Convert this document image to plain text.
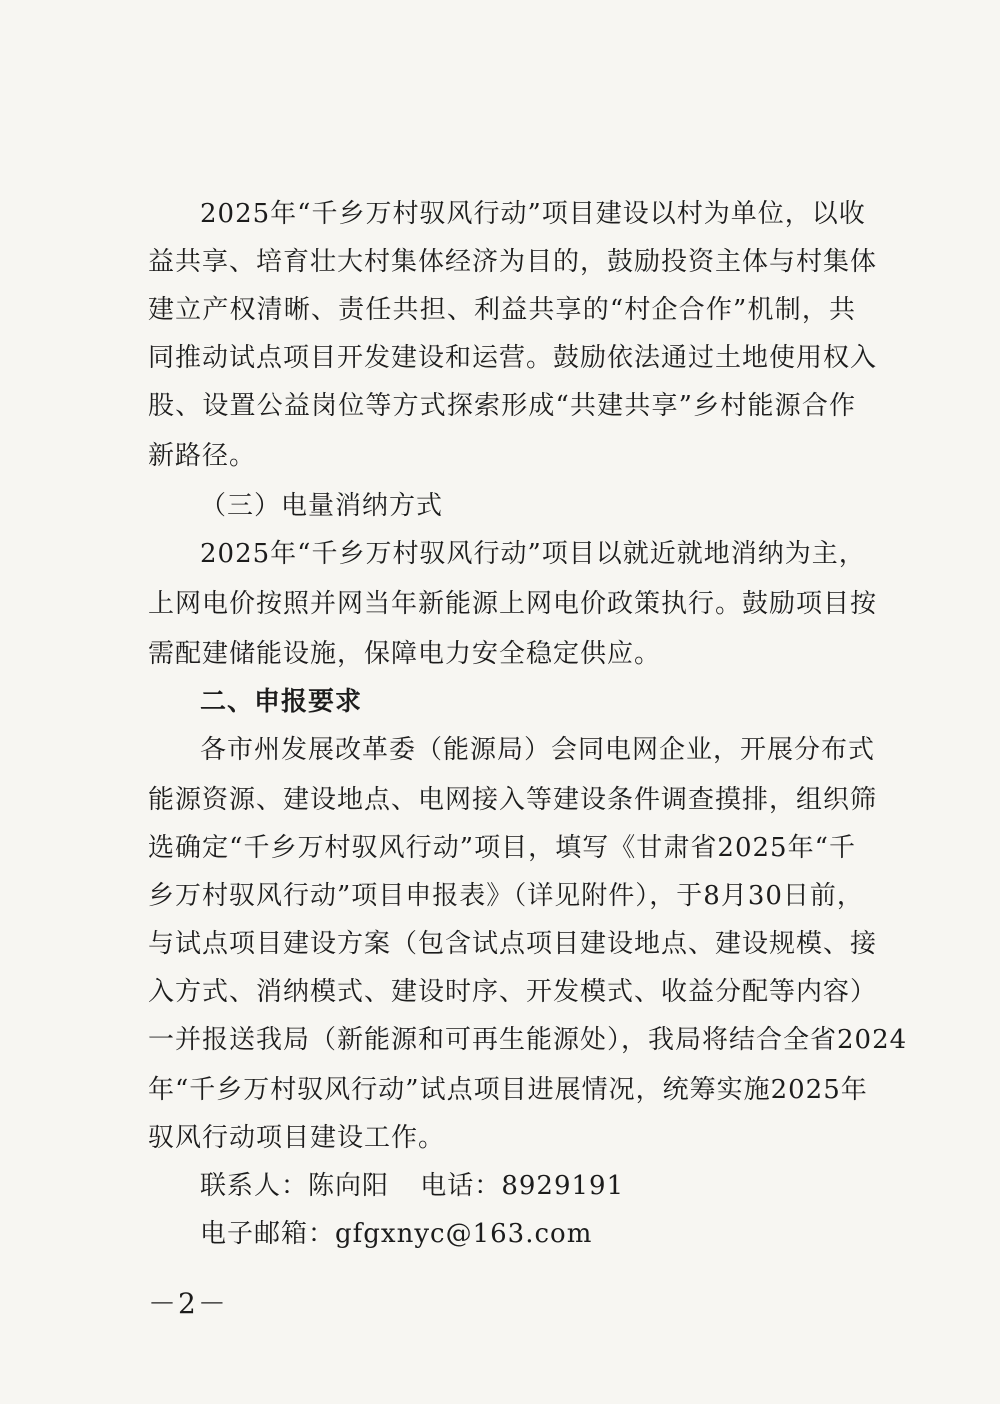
2025年“千乡万村驭风行动”项目建设以村为单位，以收
益共享、培育壮大村集体经济为目的，鼓励投资主体与村集体
建立产权清晰、责任共担、利益共享的“村企合作”机制，共
同推动试点项目开发建设和运营。鼓励依法通过土地使用权入
股、设置公益岗位等方式探索形成“共建共享”乡村能源合作
新路径。
（三）电量消纳方式
2025年“千乡万村驭风行动”项目以就近就地消纳为主，
上网电价按照并网当年新能源上网电价政策执行。鼓励项目按
需配建储能设施，保障电力安全稳定供应。
二、申报要求
各市州发展改革委（能源局）会同电网企业，开展分布式
能源资源、建设地点、电网接入等建设条件调查摸排，组织筛
选确定“千乡万村驭风行动”项目，填写《甘肃省2025年“千
乡万村驭风行动”项目申报表》（详见附件），于8月30日前，
与试点项目建设方案（包含试点项目建设地点、建设规模、接
入方式、消纳模式、建设时序、开发模式、收益分配等内容）
一并报送我局（新能源和可再生能源处），我局将结合全省2024
年“千乡万村驭风行动”试点项目进展情况，统筹实施2025年
驭风行动项目建设工作。
联系人：陈向阳 电话：8929191
电子邮箱：gfgxnyc@163.com
－2－
